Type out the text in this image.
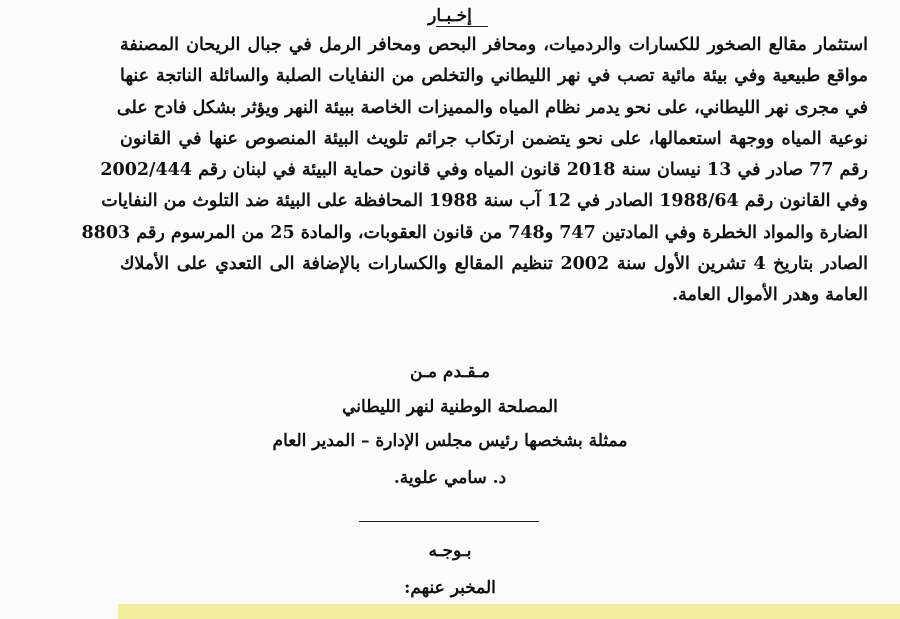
إخـبـار
استثمار مقالع الصخور للكسارات والردميات، ومحافر البحص ومحافر الرمل في جبال الريحان المصنفة
مواقع طبيعية وفي بيئة مائية تصب في نهر الليطاني والتخلص من النفايات الصلبة والسائلة الناتجة عنها
في مجرى نهر الليطاني، على نحو يدمر نظام المياه والمميزات الخاصة ببيئة النهر ويؤثر بشكل فادح على
نوعية المياه ووجهة استعمالها، على نحو يتضمن ارتكاب جرائم تلويث البيئة المنصوص عنها في القانون
رقم 77 صادر في 13 نيسان سنة 2018 قانون المياه وفي قانون حماية البيئة في لبنان رقم 2002/444
وفي القانون رقم 1988/64 الصادر في 12 آب سنة 1988 المحافظة على البيئة ضد التلوث من النفايات
الضارة والمواد الخطرة وفي المادتين 747 و748 من قانون العقوبات، والمادة 25 من المرسوم رقم 8803
الصادر بتاريخ 4 تشرين الأول سنة 2002 تنظيم المقالع والكسارات بالإضافة الى التعدي على الأملاك
العامة وهدر الأموال العامة.
مـقـدم مـن
المصلحة الوطنية لنهر الليطاني
ممثلة بشخصها رئيس مجلس الإدارة – المدير العام
د. سامي علوية.
بـوجـه
المخبر عنهم:
